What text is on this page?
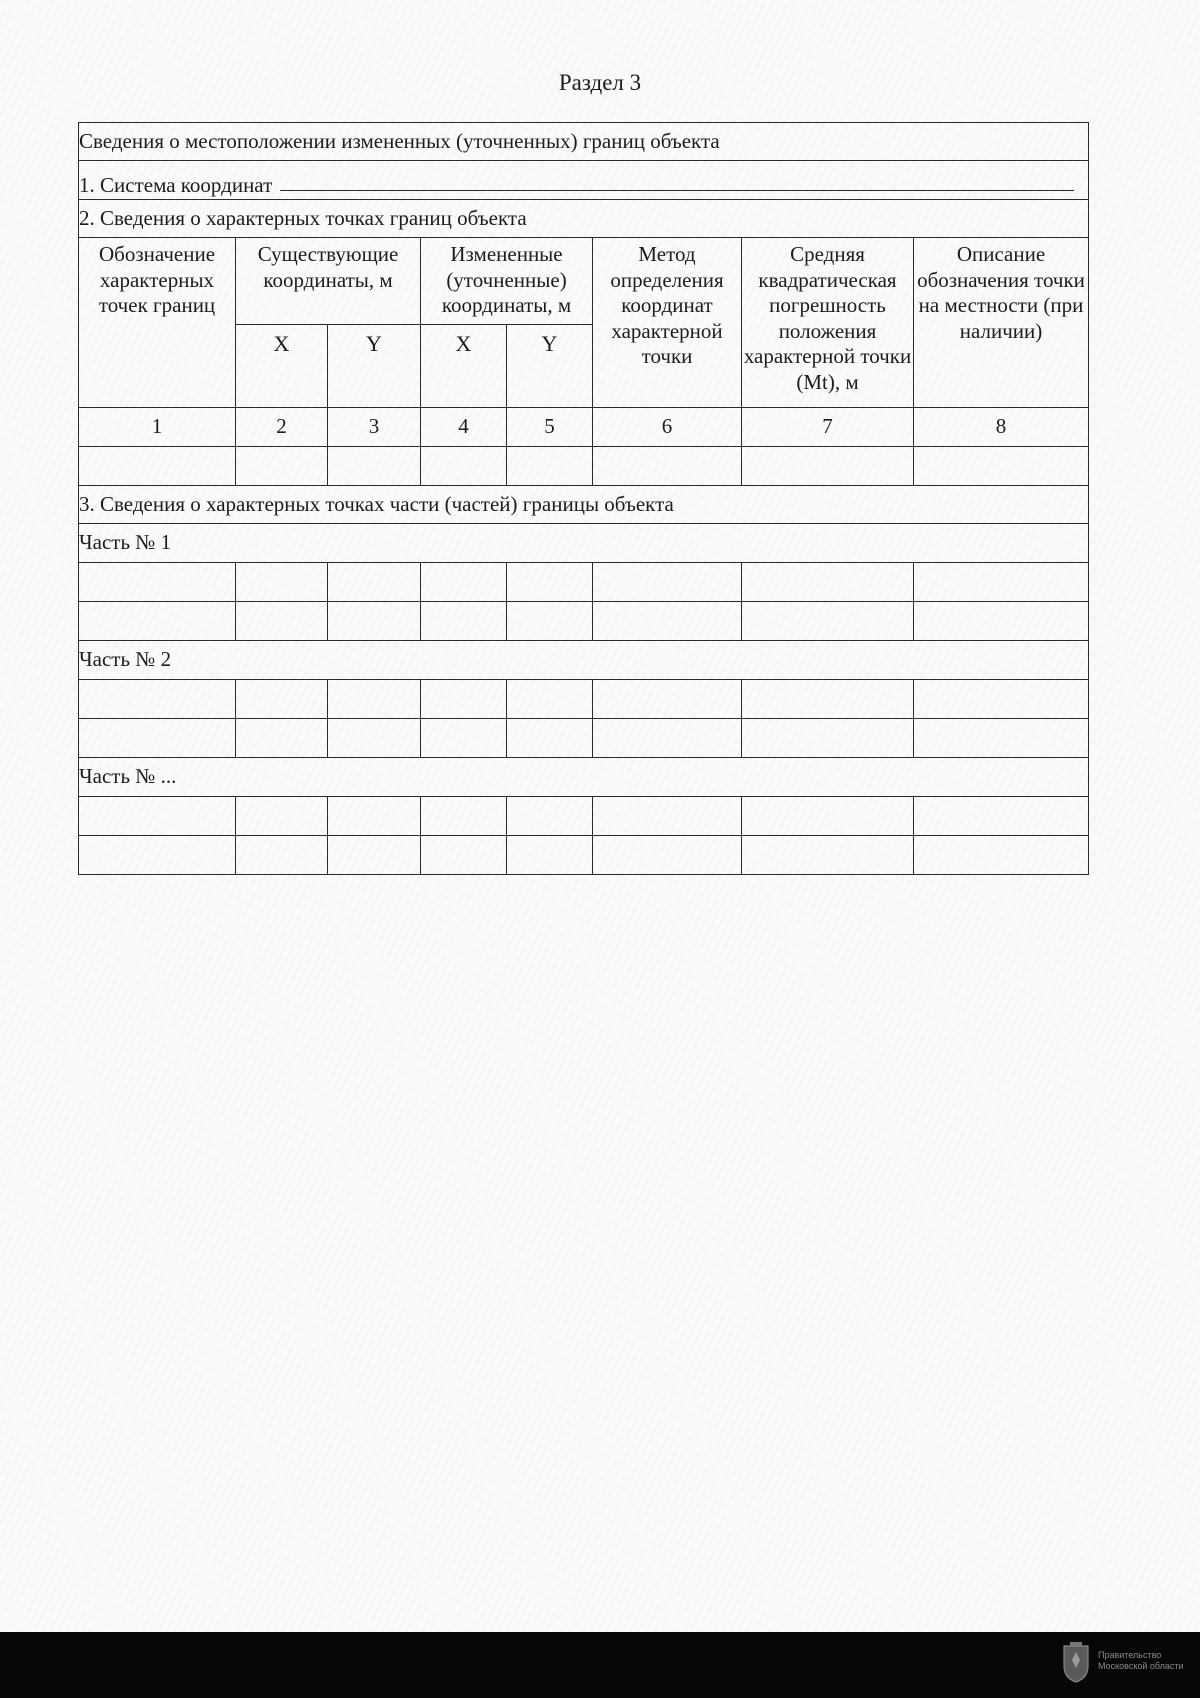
Раздел 3
Сведения о местоположении измененных (уточненных) границ объекта							

1. Система координат							

2. Сведения о характерных точках границ объекта							
Обозначение характерных точек границ	Существующие координаты, м		Измененные (уточненные) координаты, м		Метод определения координат характерной точки	Средняя квадратическая погрешность положения характерной точки (Mt), м	Описание обозначения точки на местности (при наличии)
	X	Y	X	Y			
1	2	3	4	5	6	7	8

3. Сведения о характерных точках части (частей) границы объекта							
Часть № 1							

Часть № 2							

Часть № ...							

Правительство
Московской области
